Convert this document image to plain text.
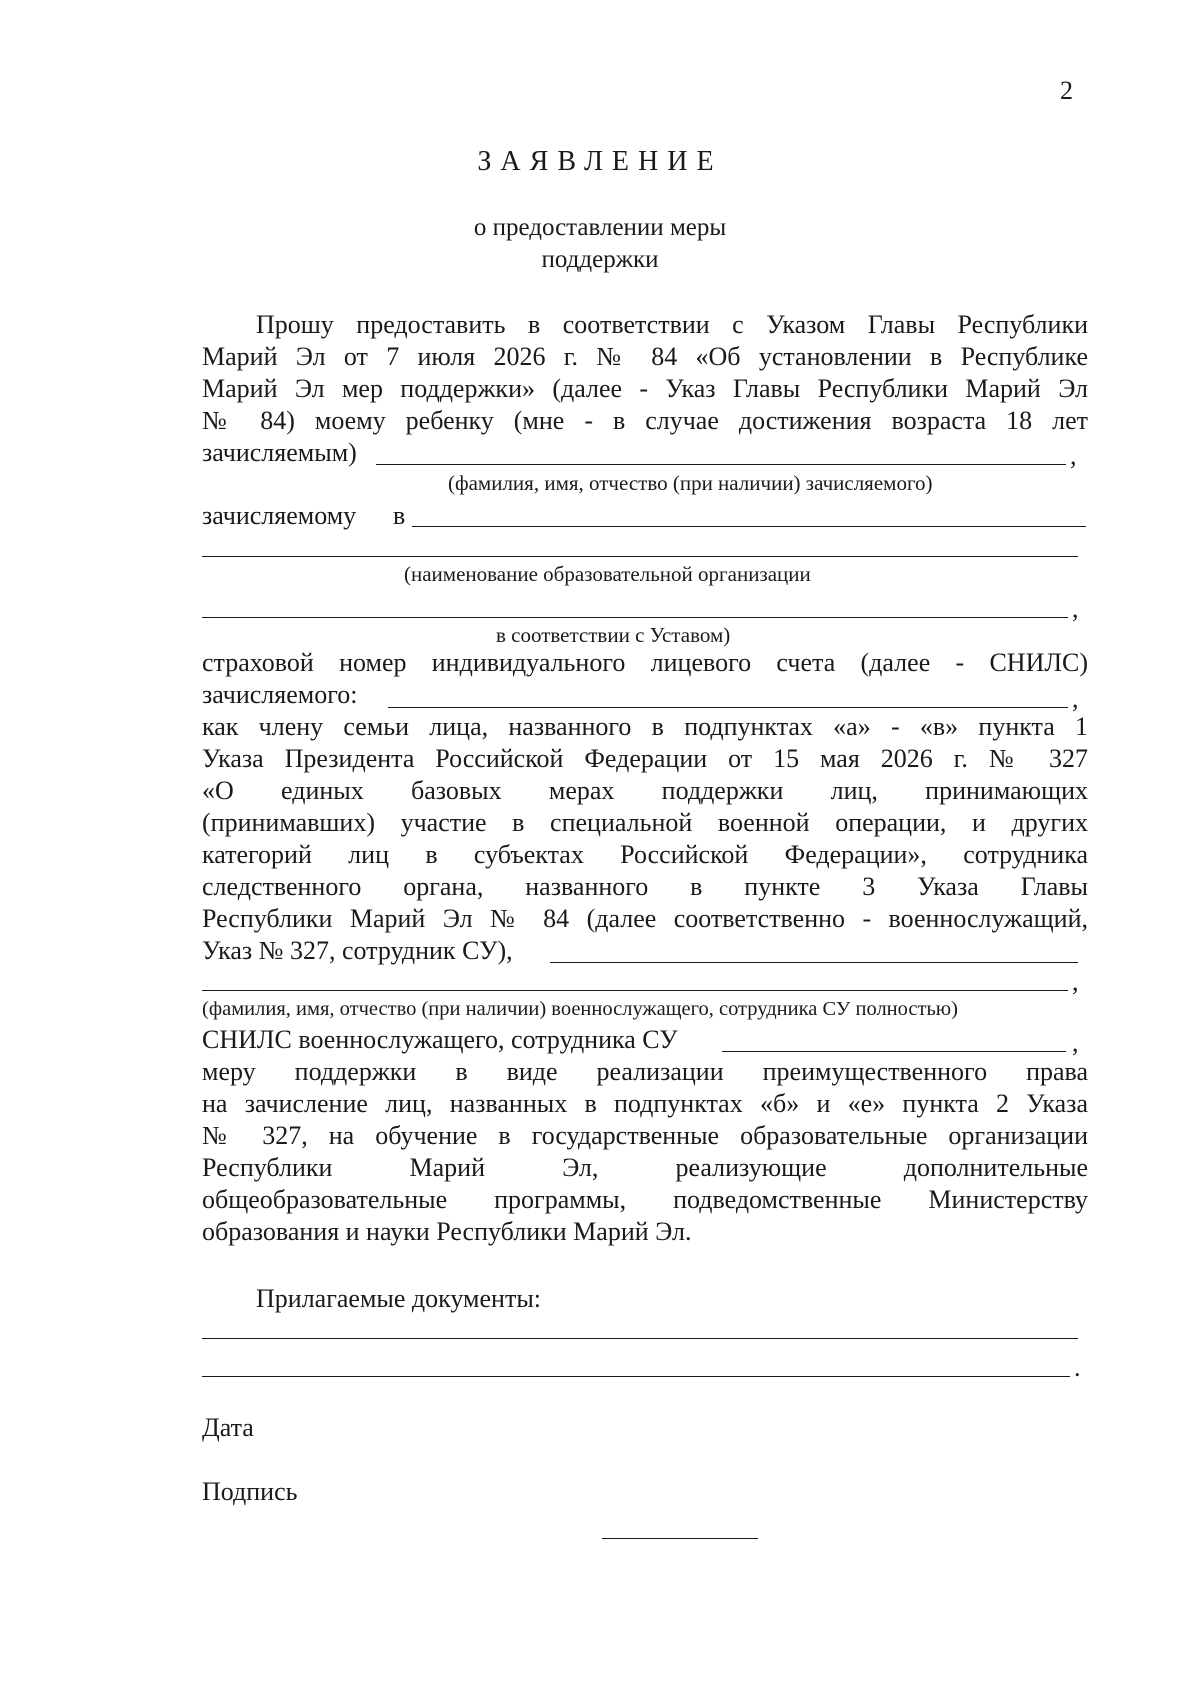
2
ЗАЯВЛЕНИЕ
о предоставлении меры
поддержки
Прошу предоставить в соответствии с Указом Главы Республики
Марий Эл от 7 июля 2026 г. № 84 «Об установлении в Республике
Марий Эл мер поддержки» (далее - Указ Главы Республики Марий Эл
№ 84) моему ребенку (мне - в случае достижения возраста 18 лет
зачисляемым)	,
(фамилия, имя, отчество (при наличии) зачисляемого)
зачисляемому в
(наименование образовательной организации
,
в соответствии с Уставом)
страховой номер индивидуального лицевого счета (далее - СНИЛС)
зачисляемого:	,
как члену семьи лица, названного в подпунктах «а» - «в» пункта 1
Указа Президента Российской Федерации от 15 мая 2026 г. № 327
«О единых базовых мерах поддержки лиц, принимающих
(принимавших) участие в специальной военной операции, и других
категорий лиц в субъектах Российской Федерации», сотрудника
следственного органа, названного в пункте 3 Указа Главы
Республики Марий Эл № 84 (далее соответственно - военнослужащий,
Указ № 327, сотрудник СУ),
,
(фамилия, имя, отчество (при наличии) военнослужащего, сотрудника СУ полностью)
СНИЛС военнослужащего, сотрудника СУ	,
меру поддержки в виде реализации преимущественного права
на зачисление лиц, названных в подпунктах «б» и «е» пункта 2 Указа
№ 327, на обучение в государственные образовательные организации
Республики Марий Эл, реализующие дополнительные
общеобразовательные программы, подведомственные Министерству
образования и науки Республики Марий Эл.
Прилагаемые документы:
.
Дата
Подпись
